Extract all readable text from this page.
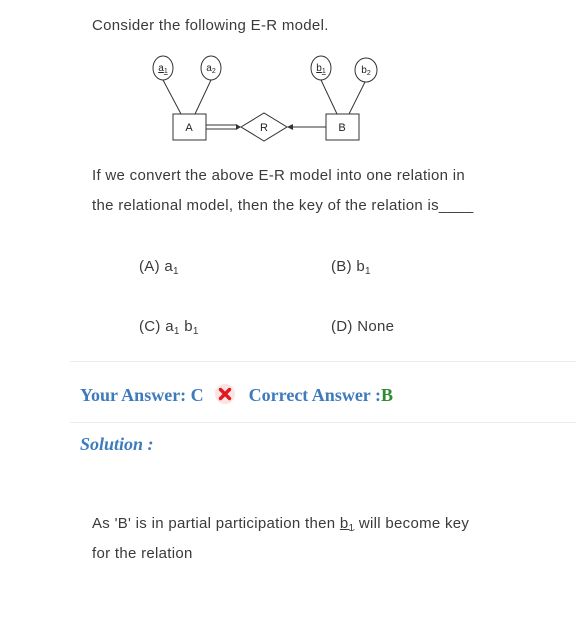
Consider the following E-R model.
$a_1$	$a_2$	$b_1$	$b_2$
A	B
R
If we convert the above E-R model into one relation in
the relational model, then the key of the relation is____
(A) $a_1$	(B) $b_1$
(C) $a_1$ $b_1$	(D) None
Your Answer: C	Correct Answer :B
Solution :
As 'B' is in partial participation then $b_1$ will become key
for the relation
